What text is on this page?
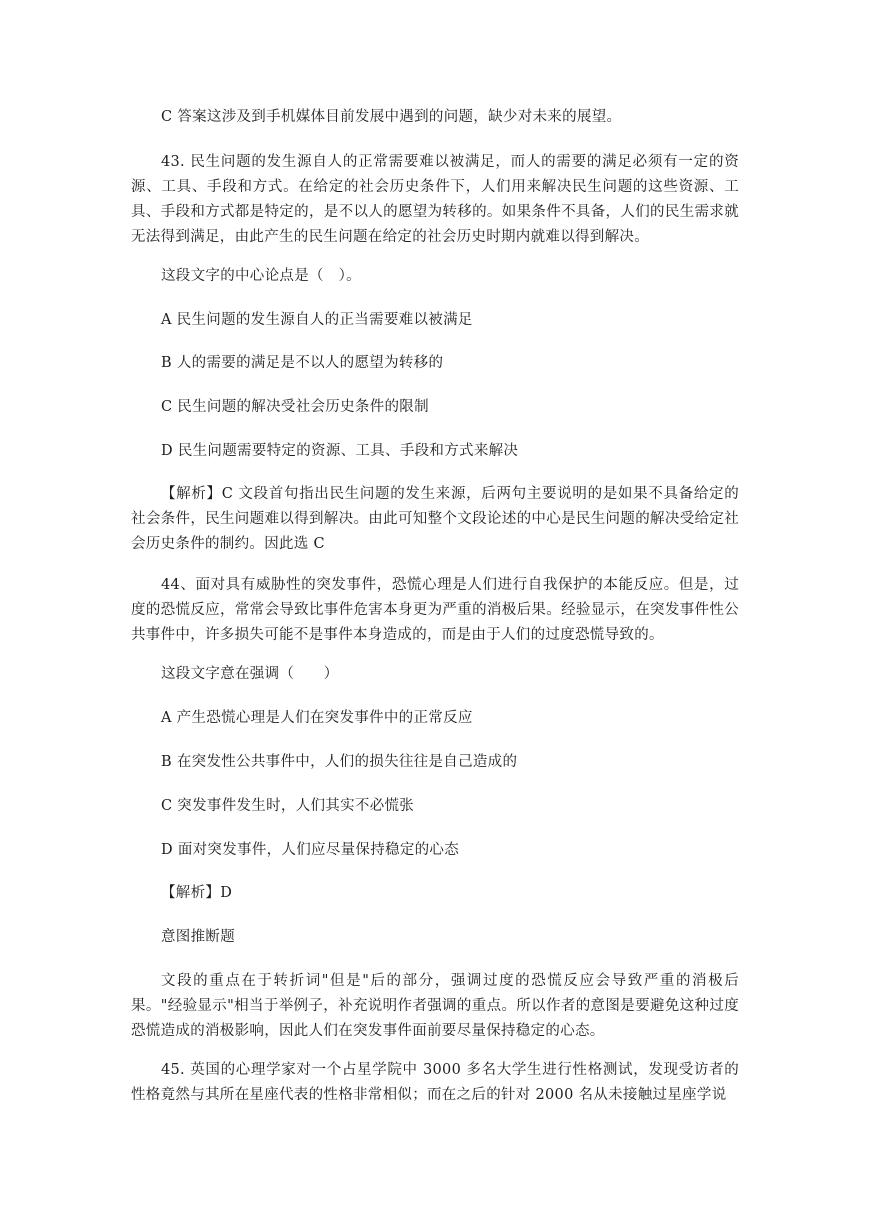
C 答案这涉及到手机媒体目前发展中遇到的问题，缺少对未来的展望。

43. 民生问题的发生源自人的正常需要难以被满足，而人的需要的满足必须有一定的资源、工具、手段和方式。在给定的社会历史条件下，人们用来解决民生问题的这些资源、工具、手段和方式都是特定的，是不以人的愿望为转移的。如果条件不具备，人们的民生需求就无法得到满足，由此产生的民生问题在给定的社会历史时期内就难以得到解决。

这段文字的中心论点是（　）。

A 民生问题的发生源自人的正当需要难以被满足

B 人的需要的满足是不以人的愿望为转移的

C 民生问题的解决受社会历史条件的限制

D 民生问题需要特定的资源、工具、手段和方式来解决

【解析】C 文段首句指出民生问题的发生来源，后两句主要说明的是如果不具备给定的社会条件，民生问题难以得到解决。由此可知整个文段论述的中心是民生问题的解决受给定社会历史条件的制约。因此选 C

44、面对具有威胁性的突发事件，恐慌心理是人们进行自我保护的本能反应。但是，过度的恐慌反应，常常会导致比事件危害本身更为严重的消极后果。经验显示，在突发事件性公共事件中，许多损失可能不是事件本身造成的，而是由于人们的过度恐慌导致的。

这段文字意在强调（　　）

A 产生恐慌心理是人们在突发事件中的正常反应

B 在突发性公共事件中，人们的损失往往是自己造成的

C 突发事件发生时，人们其实不必慌张

D 面对突发事件，人们应尽量保持稳定的心态

【解析】D

意图推断题

文段的重点在于转折词"但是"后的部分，强调过度的恐慌反应会导致严重的消极后果。"经验显示"相当于举例子，补充说明作者强调的重点。所以作者的意图是要避免这种过度恐慌造成的消极影响，因此人们在突发事件面前要尽量保持稳定的心态。

45. 英国的心理学家对一个占星学院中 3000 多名大学生进行性格测试，发现受访者的性格竟然与其所在星座代表的性格非常相似；而在之后的针对 2000 名从未接触过星座学说
